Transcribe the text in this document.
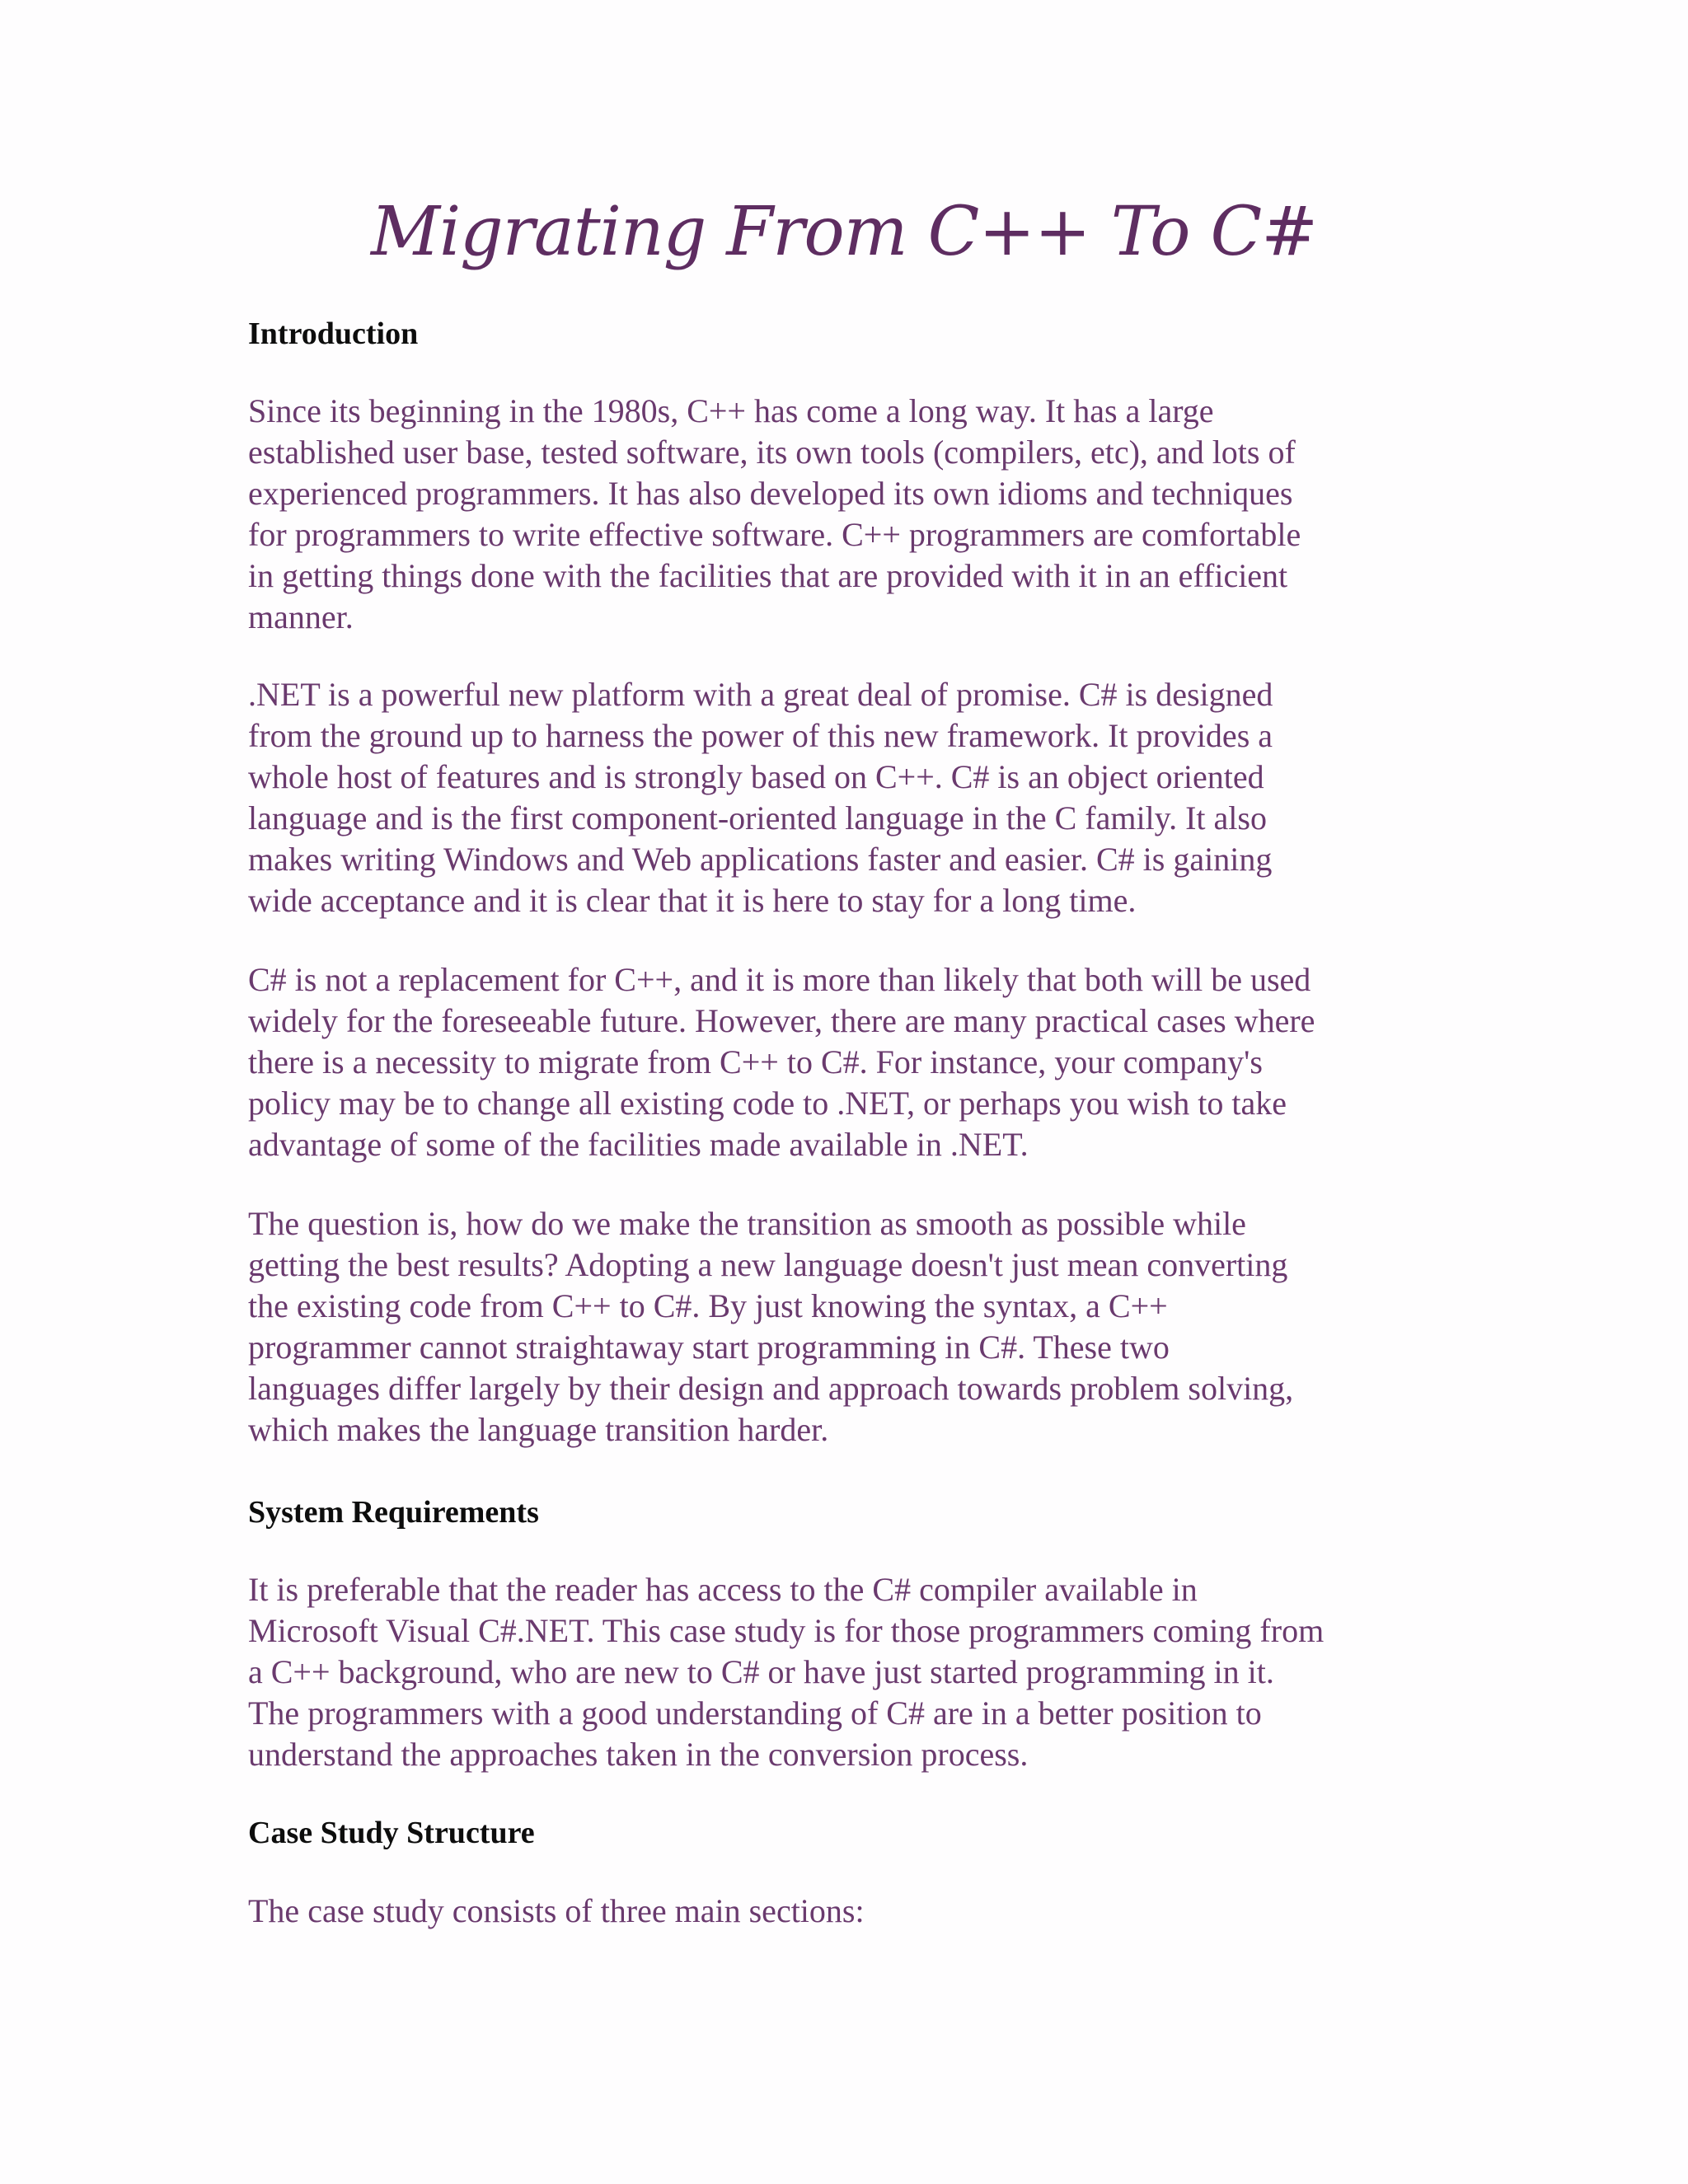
Migrating From C++ To C#
Introduction

Since its beginning in the 1980s, C++ has come a long way. It has a large
established user base, tested software, its own tools (compilers, etc), and lots of
experienced programmers. It has also developed its own idioms and techniques
for programmers to write effective software. C++ programmers are comfortable
in getting things done with the facilities that are provided with it in an efficient
manner.

.NET is a powerful new platform with a great deal of promise. C# is designed
from the ground up to harness the power of this new framework. It provides a
whole host of features and is strongly based on C++. C# is an object oriented
language and is the first component-oriented language in the C family. It also
makes writing Windows and Web applications faster and easier. C# is gaining
wide acceptance and it is clear that it is here to stay for a long time.

C# is not a replacement for C++, and it is more than likely that both will be used
widely for the foreseeable future. However, there are many practical cases where
there is a necessity to migrate from C++ to C#. For instance, your company's
policy may be to change all existing code to .NET, or perhaps you wish to take
advantage of some of the facilities made available in .NET.

The question is, how do we make the transition as smooth as possible while
getting the best results? Adopting a new language doesn't just mean converting
the existing code from C++ to C#. By just knowing the syntax, a C++
programmer cannot straightaway start programming in C#. These two
languages differ largely by their design and approach towards problem solving,
which makes the language transition harder.

System Requirements

It is preferable that the reader has access to the C# compiler available in
Microsoft Visual C#.NET. This case study is for those programmers coming from
a C++ background, who are new to C# or have just started programming in it.
The programmers with a good understanding of C# are in a better position to
understand the approaches taken in the conversion process.

Case Study Structure

The case study consists of three main sections:
